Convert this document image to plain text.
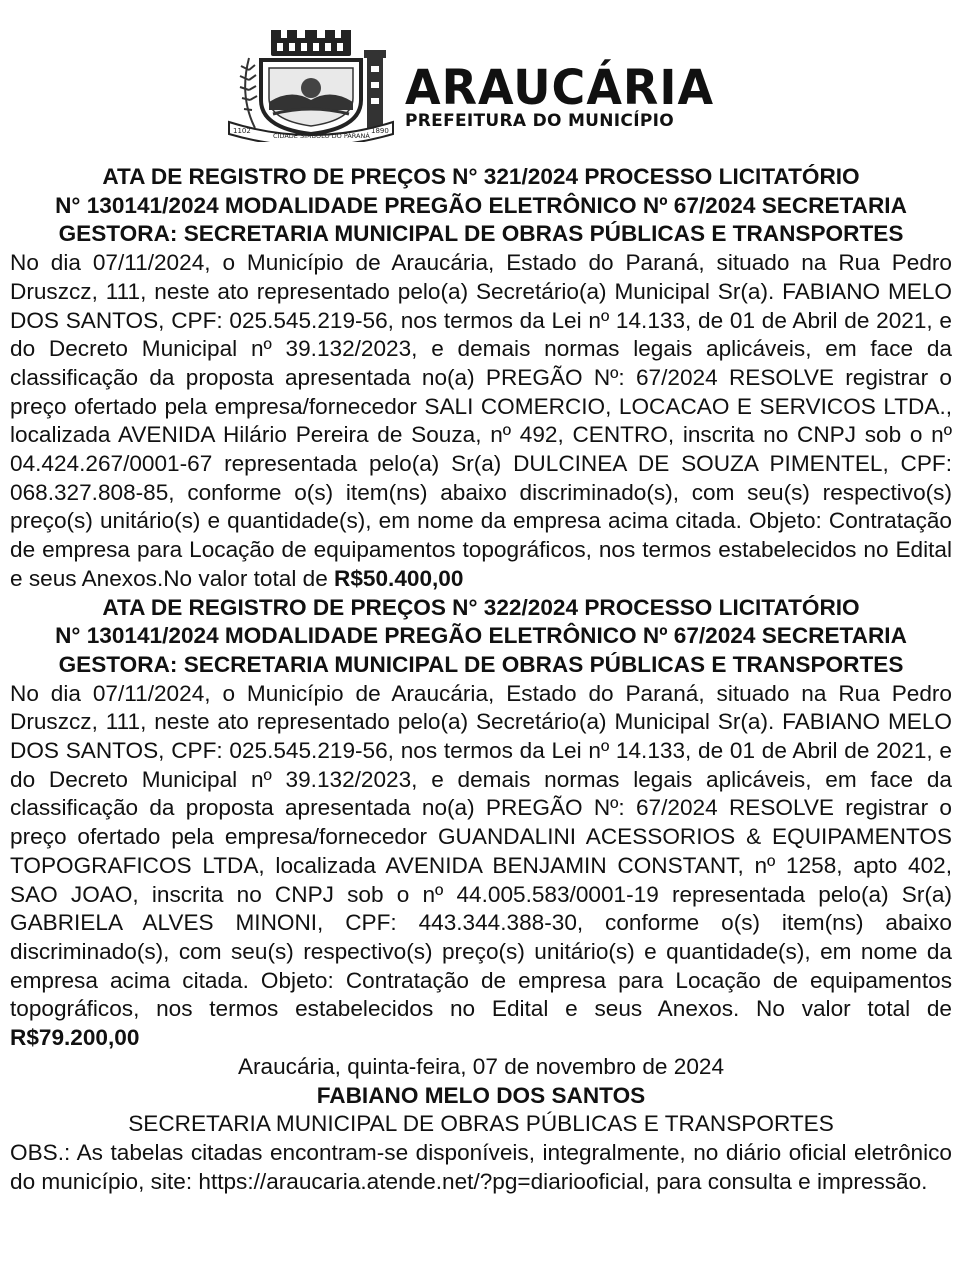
1102
CIDADE SÍMBOLO DO PARANÁ
1890
ARAUCÁRIA
PREFEITURA DO MUNICÍPIO
ATA DE REGISTRO DE PREÇOS N° 321/2024 PROCESSO LICITATÓRIO
N° 130141/2024 MODALIDADE PREGÃO ELETRÔNICO Nº 67/2024 SECRETARIA
GESTORA: SECRETARIA MUNICIPAL DE OBRAS PÚBLICAS E TRANSPORTES
No dia 07/11/2024, o Município de Araucária, Estado do Paraná, situado na Rua Pedro Druszcz, 111, neste ato representado pelo(a) Secretário(a) Municipal Sr(a). FABIANO MELO DOS SANTOS, CPF: 025.545.219-56, nos termos da Lei nº 14.133, de 01 de Abril de 2021, e do Decreto Municipal nº 39.132/2023, e demais normas legais aplicáveis, em face da classificação da proposta apresentada no(a) PREGÃO Nº: 67/2024 RESOLVE registrar o preço ofertado pela empresa/fornecedor SALI COMERCIO, LOCACAO E SERVICOS LTDA., localizada AVENIDA Hilário Pereira de Souza, nº 492, CENTRO, inscrita no CNPJ sob o nº 04.424.267/0001-67 representada pelo(a) Sr(a) DULCINEA DE SOUZA PIMENTEL, CPF: 068.327.808-85, conforme o(s) item(ns) abaixo discriminado(s), com seu(s) respectivo(s) preço(s) unitário(s) e quantidade(s), em nome da empresa acima citada. Objeto: Contratação de empresa para Locação de equipamentos topográficos, nos termos estabelecidos no Edital e seus Anexos.No valor total de R$50.400,00
ATA DE REGISTRO DE PREÇOS N° 322/2024 PROCESSO LICITATÓRIO
N° 130141/2024 MODALIDADE PREGÃO ELETRÔNICO Nº 67/2024 SECRETARIA
GESTORA: SECRETARIA MUNICIPAL DE OBRAS PÚBLICAS E TRANSPORTES
No dia 07/11/2024, o Município de Araucária, Estado do Paraná, situado na Rua Pedro Druszcz, 111, neste ato representado pelo(a) Secretário(a) Municipal Sr(a). FABIANO MELO DOS SANTOS, CPF: 025.545.219-56, nos termos da Lei nº 14.133, de 01 de Abril de 2021, e do Decreto Municipal nº 39.132/2023, e demais normas legais aplicáveis, em face da classificação da proposta apresentada no(a) PREGÃO Nº: 67/2024 RESOLVE registrar o preço ofertado pela empresa/fornecedor GUANDALINI ACESSORIOS & EQUIPAMENTOS TOPOGRAFICOS LTDA, localizada AVENIDA BENJAMIN CONSTANT, nº 1258, apto 402, SAO JOAO, inscrita no CNPJ sob o nº 44.005.583/0001-19 representada pelo(a) Sr(a) GABRIELA ALVES MINONI, CPF: 443.344.388-30, conforme o(s) item(ns) abaixo discriminado(s), com seu(s) respectivo(s) preço(s) unitário(s) e quantidade(s), em nome da empresa acima citada. Objeto: Contratação de empresa para Locação de equipamentos topográficos, nos termos estabelecidos no Edital e seus Anexos. No valor total de R$79.200,00
Araucária, quinta-feira, 07 de novembro de 2024
FABIANO MELO DOS SANTOS
SECRETARIA MUNICIPAL DE OBRAS PÚBLICAS E TRANSPORTES
OBS.: As tabelas citadas encontram-se disponíveis, integralmente, no diário oficial eletrônico do município, site: https://araucaria.atende.net/?pg=diariooficial, para consulta e impressão.
